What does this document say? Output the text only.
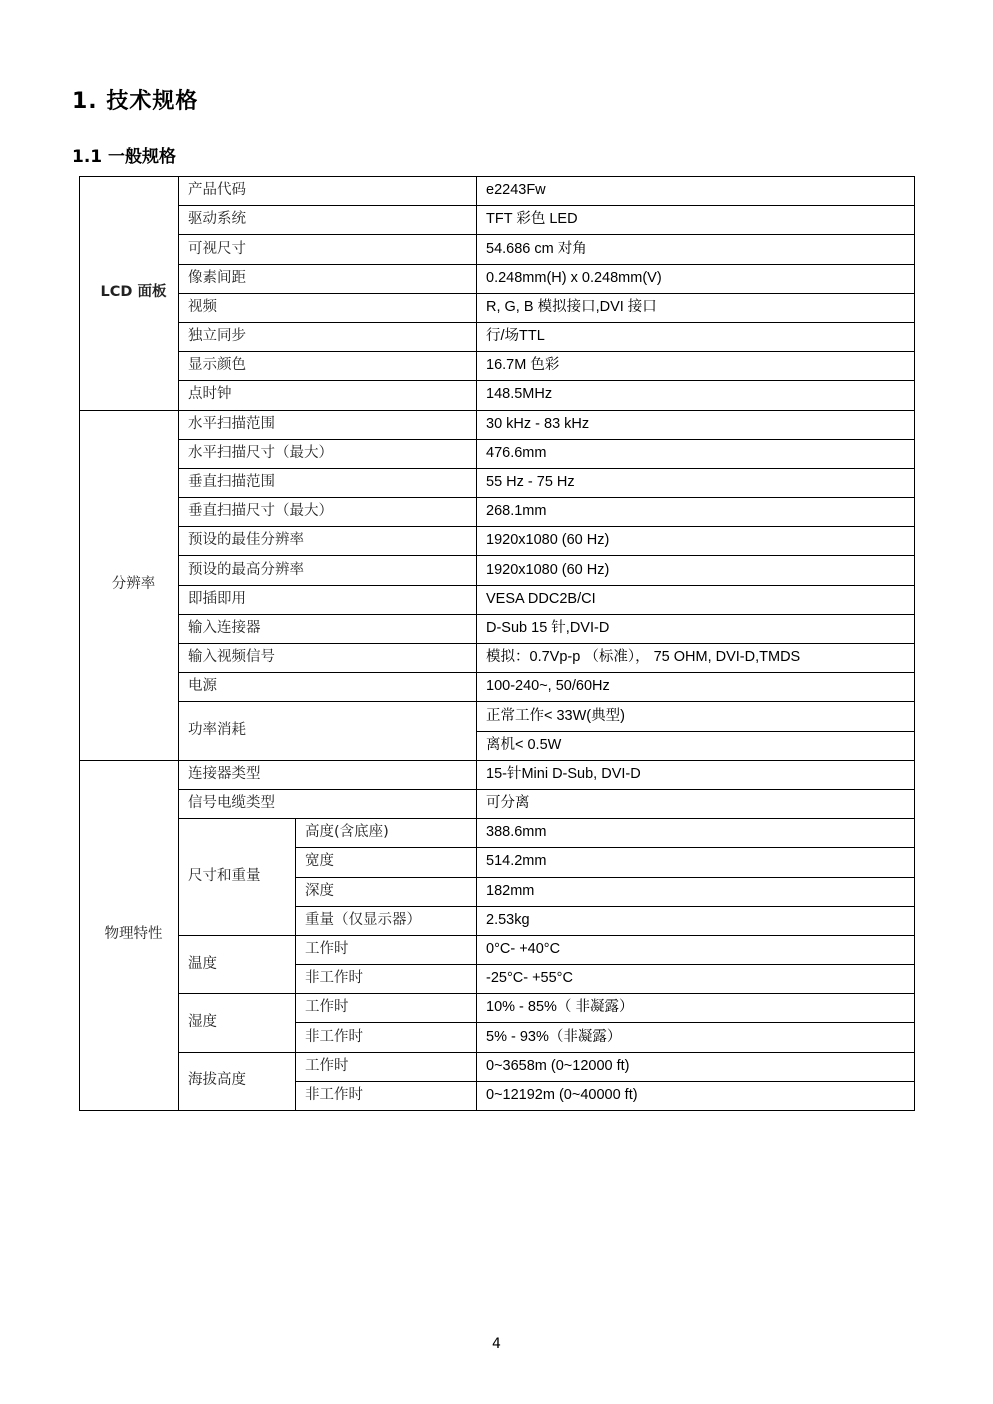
1. 技术规格
1.1 一般规格
LCD 面板	产品代码		e2243Fw
	驱动系统		TFT 彩色 LED
	可视尺寸		54.686 cm 对角
	像素间距		0.248mm(H) x 0.248mm(V)
	视频		R, G, B 模拟接口,DVI 接口
	独立同步		行/场TTL
	显示颜色		16.7M 色彩
	点时钟		148.5MHz
分辨率	水平扫描范围		30 kHz - 83 kHz
	水平扫描尺寸（最大）		476.6mm
	垂直扫描范围		55 Hz - 75 Hz
	垂直扫描尺寸（最大）		268.1mm
	预设的最佳分辨率		1920x1080 (60 Hz)
	预设的最高分辨率		1920x1080 (60 Hz)
	即插即用		VESA DDC2B/CI
	输入连接器		D-Sub 15 针,DVI-D
	输入视频信号		模拟：0.7Vp-p （标准）， 75 OHM, DVI-D,TMDS
	电源		100-240~, 50/60Hz
	功率消耗		正常工作< 33W(典型)
			离机< 0.5W
物理特性	连接器类型		15-针Mini D-Sub, DVI-D
	信号电缆类型		可分离
	尺寸和重量	高度(含底座)	388.6mm
		宽度	514.2mm
		深度	182mm
		重量（仅显示器）	2.53kg
	温度	工作时	0°C- +40°C
		非工作时	-25°C- +55°C
	湿度	工作时	10% - 85%（ 非凝露）
		非工作时	5% - 93%（非凝露）
	海拔高度	工作时	0~3658m (0~12000 ft)
		非工作时	0~12192m (0~40000 ft)
4
